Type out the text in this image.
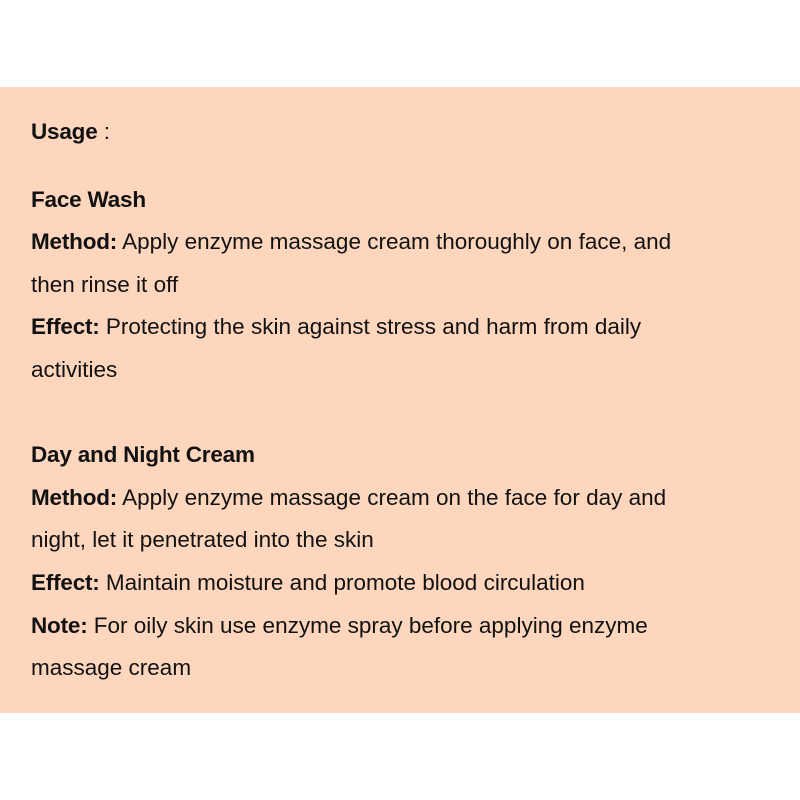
Usage :
Face Wash
Method: Apply enzyme massage cream thoroughly on face, and
then rinse it off
Effect: Protecting the skin against stress and harm from daily
activities
Day and Night Cream
Method: Apply enzyme massage cream on the face for day and
night, let it penetrated into the skin
Effect: Maintain moisture and promote blood circulation
Note: For oily skin use enzyme spray before applying enzyme
massage cream
